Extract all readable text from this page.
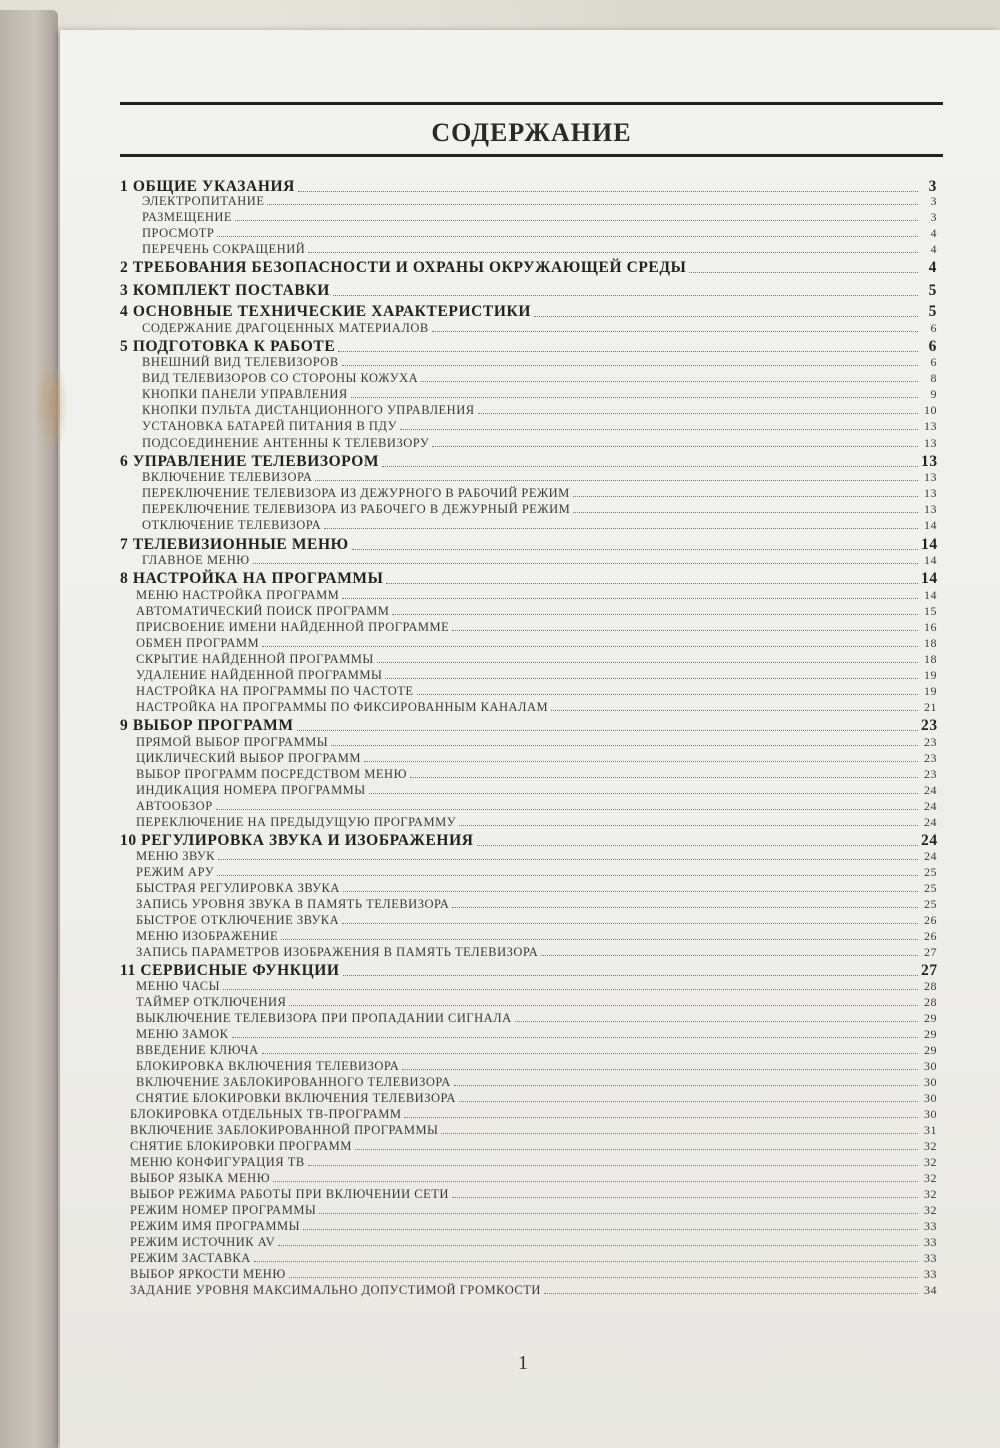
СОДЕРЖАНИЕ
1 ОБЩИЕ УКАЗАНИЯ	3
ЭЛЕКТРОПИТАНИЕ	3
РАЗМЕЩЕНИЕ	3
ПРОСМОТР	4
ПЕРЕЧЕНЬ СОКРАЩЕНИЙ	4
2 ТРЕБОВАНИЯ БЕЗОПАСНОСТИ И ОХРАНЫ ОКРУЖАЮЩЕЙ СРЕДЫ	4
3 КОМПЛЕКТ ПОСТАВКИ	5
4 ОСНОВНЫЕ ТЕХНИЧЕСКИЕ ХАРАКТЕРИСТИКИ	5
СОДЕРЖАНИЕ ДРАГОЦЕННЫХ МАТЕРИАЛОВ	6
5 ПОДГОТОВКА К РАБОТЕ	6
ВНЕШНИЙ ВИД ТЕЛЕВИЗОРОВ	6
ВИД ТЕЛЕВИЗОРОВ СО СТОРОНЫ КОЖУХА	8
КНОПКИ ПАНЕЛИ УПРАВЛЕНИЯ	9
КНОПКИ ПУЛЬТА ДИСТАНЦИОННОГО УПРАВЛЕНИЯ	10
УСТАНОВКА БАТАРЕЙ ПИТАНИЯ В ПДУ	13
ПОДСОЕДИНЕНИЕ АНТЕННЫ К ТЕЛЕВИЗОРУ	13
6 УПРАВЛЕНИЕ ТЕЛЕВИЗОРОМ	13
ВКЛЮЧЕНИЕ ТЕЛЕВИЗОРА	13
ПЕРЕКЛЮЧЕНИЕ ТЕЛЕВИЗОРА ИЗ ДЕЖУРНОГО В РАБОЧИЙ РЕЖИМ	13
ПЕРЕКЛЮЧЕНИЕ ТЕЛЕВИЗОРА ИЗ РАБОЧЕГО В ДЕЖУРНЫЙ РЕЖИМ	13
ОТКЛЮЧЕНИЕ ТЕЛЕВИЗОРА	14
7 ТЕЛЕВИЗИОННЫЕ МЕНЮ	14
ГЛАВНОЕ МЕНЮ	14
8 НАСТРОЙКА НА ПРОГРАММЫ	14
МЕНЮ НАСТРОЙКА ПРОГРАММ	14
АВТОМАТИЧЕСКИЙ ПОИСК ПРОГРАММ	15
ПРИСВОЕНИЕ ИМЕНИ НАЙДЕННОЙ ПРОГРАММЕ	16
ОБМЕН ПРОГРАММ	18
СКРЫТИЕ НАЙДЕННОЙ ПРОГРАММЫ	18
УДАЛЕНИЕ НАЙДЕННОЙ ПРОГРАММЫ	19
НАСТРОЙКА НА ПРОГРАММЫ ПО ЧАСТОТЕ	19
НАСТРОЙКА НА ПРОГРАММЫ ПО ФИКСИРОВАННЫМ КАНАЛАМ	21
9 ВЫБОР ПРОГРАММ	23
ПРЯМОЙ ВЫБОР ПРОГРАММЫ	23
ЦИКЛИЧЕСКИЙ ВЫБОР ПРОГРАММ	23
ВЫБОР ПРОГРАММ ПОСРЕДСТВОМ МЕНЮ	23
ИНДИКАЦИЯ НОМЕРА ПРОГРАММЫ	24
АВТООБЗОР	24
ПЕРЕКЛЮЧЕНИЕ НА ПРЕДЫДУЩУЮ ПРОГРАММУ	24
10 РЕГУЛИРОВКА ЗВУКА И ИЗОБРАЖЕНИЯ	24
МЕНЮ ЗВУК	24
РЕЖИМ АРУ	25
БЫСТРАЯ РЕГУЛИРОВКА ЗВУКА	25
ЗАПИСЬ УРОВНЯ ЗВУКА В ПАМЯТЬ ТЕЛЕВИЗОРА	25
БЫСТРОЕ ОТКЛЮЧЕНИЕ ЗВУКА	26
МЕНЮ ИЗОБРАЖЕНИЕ	26
ЗАПИСЬ ПАРАМЕТРОВ ИЗОБРАЖЕНИЯ В ПАМЯТЬ ТЕЛЕВИЗОРА	27
11 СЕРВИСНЫЕ ФУНКЦИИ	27
МЕНЮ ЧАСЫ	28
ТАЙМЕР ОТКЛЮЧЕНИЯ	28
ВЫКЛЮЧЕНИЕ ТЕЛЕВИЗОРА ПРИ ПРОПАДАНИИ СИГНАЛА	29
МЕНЮ ЗАМОК	29
ВВЕДЕНИЕ КЛЮЧА	29
БЛОКИРОВКА ВКЛЮЧЕНИЯ ТЕЛЕВИЗОРА	30
ВКЛЮЧЕНИЕ ЗАБЛОКИРОВАННОГО ТЕЛЕВИЗОРА	30
СНЯТИЕ БЛОКИРОВКИ ВКЛЮЧЕНИЯ ТЕЛЕВИЗОРА	30
БЛОКИРОВКА ОТДЕЛЬНЫХ ТВ-ПРОГРАММ	30
ВКЛЮЧЕНИЕ ЗАБЛОКИРОВАННОЙ ПРОГРАММЫ	31
СНЯТИЕ БЛОКИРОВКИ ПРОГРАММ	32
МЕНЮ КОНФИГУРАЦИЯ ТВ	32
ВЫБОР ЯЗЫКА МЕНЮ	32
ВЫБОР РЕЖИМА РАБОТЫ ПРИ ВКЛЮЧЕНИИ СЕТИ	32
РЕЖИМ НОМЕР ПРОГРАММЫ	32
РЕЖИМ ИМЯ ПРОГРАММЫ	33
РЕЖИМ ИСТОЧНИК AV	33
РЕЖИМ ЗАСТАВКА	33
ВЫБОР ЯРКОСТИ МЕНЮ	33
ЗАДАНИЕ УРОВНЯ МАКСИМАЛЬНО ДОПУСТИМОЙ ГРОМКОСТИ	34
1
